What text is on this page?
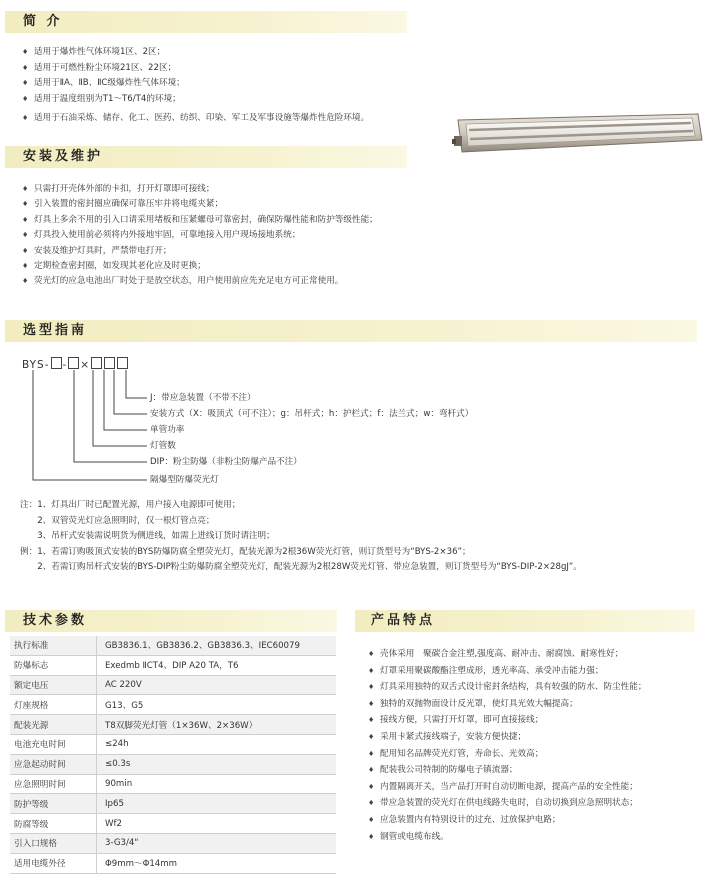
简 介
♦ 适用于爆炸性气体环境1区、2区；
♦ 适用于可燃性粉尘环境21区、22区；
♦ 适用于ⅡA、ⅡB、ⅡC级爆炸性气体环境；
♦ 适用于温度组别为T1～T6/T4的环境；
♦ 适用于石油采炼、储存、化工、医药、纺织、印染、军工及军事设施等爆炸性危险环境。
安装及维护
♦ 只需打开壳体外部的卡扣，打开灯罩即可接线；
♦ 引入装置的密封圈应确保可靠压牢并将电缆夹紧；
♦ 灯具上多余不用的引入口请采用堵板和压紧螺母可靠密封，确保防爆性能和防护等级性能；
♦ 灯具投入使用前必须将内外接地牢固，可靠地接入用户现场接地系统；
♦ 安装及维护灯具时，严禁带电打开；
♦ 定期检查密封圈，如发现其老化应及时更换；
♦ 荧光灯的应急电池出厂时处于是放空状态，用户使用前应先充足电方可正常使用。
选型指南
BYS- - ×
J：带应急装置（不带不注）
安装方式（X：吸顶式（可不注）；g：吊杆式；h：护栏式；f：法兰式；w：弯杆式）
单管功率
灯管数
DIP：粉尘防爆（非粉尘防爆产品不注）
隔爆型防爆荧光灯
注：1、灯具出厂时已配置光源，用户接入电源即可使用；
　　2、双管荧光灯应急照明时，仅一根灯管点亮；
　　3、吊杆式安装需说明货为侧进线，如需上进线订货时请注明；
例：1、若需订购吸顶式安装的BYS防爆防腐全塑荧光灯，配装光源为2根36W荧光灯管，则订货型号为“BYS-2×36”；
　　2、若需订购吊杆式安装的BYS-DIP粉尘防爆防腐全塑荧光灯，配装光源为2根28W荧光灯管、带应急装置，则订货型号为“BYS-DIP-2×28gJ”。
技术参数
执行标准	GB3836.1、GB3836.2、GB3836.3、IEC60079
防爆标志	Exedmb ⅡCT4、DIP A20 TA，T6
额定电压	AC 220V
灯座规格	G13、G5
配装光源	T8双脚荧光灯管（1×36W、2×36W）
电池充电时间	≤24h
应急起动时间	≤0.3s
应急照明时间	90min
防护等级	Ip65
防腐等级	Wf2
引入口规格	3-G3/4"
适用电缆外径	Φ9mm～Φ14mm
产品特点
♦ 壳体采用　聚碳合金注塑,强度高、耐冲击、耐腐蚀、耐寒性好；
♦ 灯罩采用聚碳酸酯注塑成形，透光率高、承受冲击能力强；
♦ 灯具采用独特的双舌式设计密封条结构，具有较强的防水、防尘性能；
♦ 独特的双抛物面设计反光罩，使灯具光效大幅提高；
♦ 接线方便，只需打开灯罩，即可直接接线；
♦ 采用卡紧式接线端子，安装方便快捷；
♦ 配用知名品牌荧光灯管，寿命长、光效高；
♦ 配装我公司特制的防爆电子镇流器；
♦ 内置隔离开关，当产品打开时自动切断电源，提高产品的安全性能；
♦ 带应急装置的荧光灯在供电线路失电时，自动切换到应急照明状态；
♦ 应急装置内有特别设计的过充、过放保护电路；
♦ 钢管或电缆布线。
